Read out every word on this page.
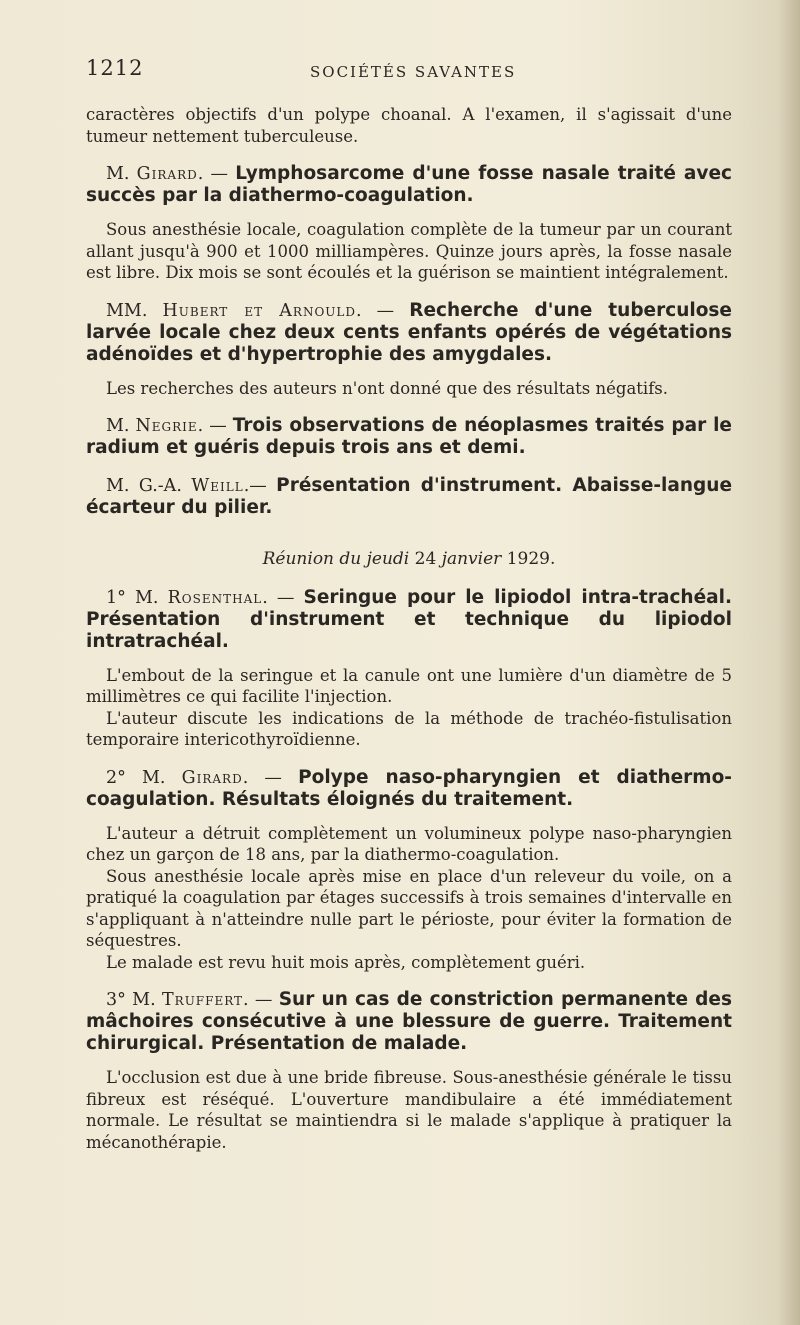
1212	SOCIÉTÉS SAVANTES

caractères objectifs d'un polype choanal. A l'examen, il s'agissait d'une tumeur nettement tuberculeuse.

M. Girard. — Lymphosarcome d'une fosse nasale traité avec succès par la diathermo-coagulation.

Sous anesthésie locale, coagulation complète de la tumeur par un courant allant jusqu'à 900 et 1000 milliampères. Quinze jours après, la fosse nasale est libre. Dix mois se sont écoulés et la guérison se maintient intégralement.

MM. Hubert et Arnould. — Recherche d'une tuberculose larvée locale chez deux cents enfants opérés de végétations adénoïdes et d'hypertrophie des amygdales.

Les recherches des auteurs n'ont donné que des résultats négatifs.

M. Negrie. — Trois observations de néoplasmes traités par le radium et guéris depuis trois ans et demi.

M. G.-A. Weill.— Présentation d'instrument. Abaisse-langue écarteur du pilier.

Réunion du jeudi 24 janvier 1929.

1° M. Rosenthal. — Seringue pour le lipiodol intra-trachéal. Présentation d'instrument et technique du lipiodol intratrachéal.

L'embout de la seringue et la canule ont une lumière d'un diamètre de 5 millimètres ce qui facilite l'injection.

L'auteur discute les indications de la méthode de trachéo-fistulisation temporaire intericothyroïdienne.

2° M. Girard. — Polype naso-pharyngien et diathermo-coagulation. Résultats éloignés du traitement.

L'auteur a détruit complètement un volumineux polype naso-pharyngien chez un garçon de 18 ans, par la diathermo-coagulation.

Sous anesthésie locale après mise en place d'un releveur du voile, on a pratiqué la coagulation par étages successifs à trois semaines d'intervalle en s'appliquant à n'atteindre nulle part le périoste, pour éviter la formation de séquestres.

Le malade est revu huit mois après, complètement guéri.

3° M. Truffert. — Sur un cas de constriction permanente des mâchoires consécutive à une blessure de guerre. Traitement chirurgical. Présentation de malade.

L'occlusion est due à une bride fibreuse. Sous-anesthésie générale le tissu fibreux est réséqué. L'ouverture mandibulaire a été immédiatement normale. Le résultat se maintiendra si le malade s'applique à pratiquer la mécanothérapie.
